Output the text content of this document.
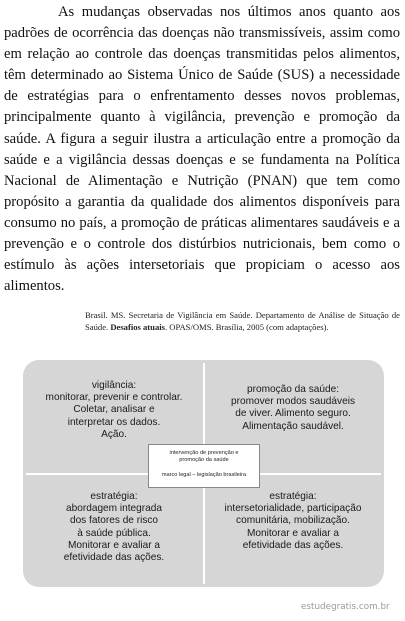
As mudanças observadas nos últimos anos quanto aos padrões de ocorrência das doenças não transmissíveis, assim como em relação ao controle das doenças transmitidas pelos alimentos, têm determinado ao Sistema Único de Saúde (SUS) a necessidade de estratégias para o enfrentamento desses novos problemas, principalmente quanto à vigilância, prevenção e promoção da saúde. A figura a seguir ilustra a articulação entre a promoção da saúde e a vigilância dessas doenças e se fundamenta na Política Nacional de Alimentação e Nutrição (PNAN) que tem como propósito a garantia da qualidade dos alimentos disponíveis para consumo no país, a promoção de práticas alimentares saudáveis e a prevenção e o controle dos distúrbios nutricionais, bem como o estímulo às ações intersetoriais que propiciam o acesso aos alimentos.

Brasil. MS. Secretaria de Vigilância em Saúde. Departamento de Análise de Situação de Saúde. Desafios atuais. OPAS/OMS. Brasília, 2005 (com adaptações).

vigilância:
monitorar, prevenir e controlar.
Coletar, analisar e
interpretar os dados.
Ação.
promoção da saúde:
promover modos saudáveis
de viver. Alimento seguro.
Alimentação saudável.
estratégia:
abordagem integrada
dos fatores de risco
à saúde pública.
Monitorar e avaliar a
efetividade das ações.
estratégia:
intersetorialidade, participação
comunitária, mobilização.
Monitorar e avaliar a
efetividade das ações.
intervenção de prevenção e
promoção da saúde
marco legal – legislação brasileira
estudegratis.com.br
